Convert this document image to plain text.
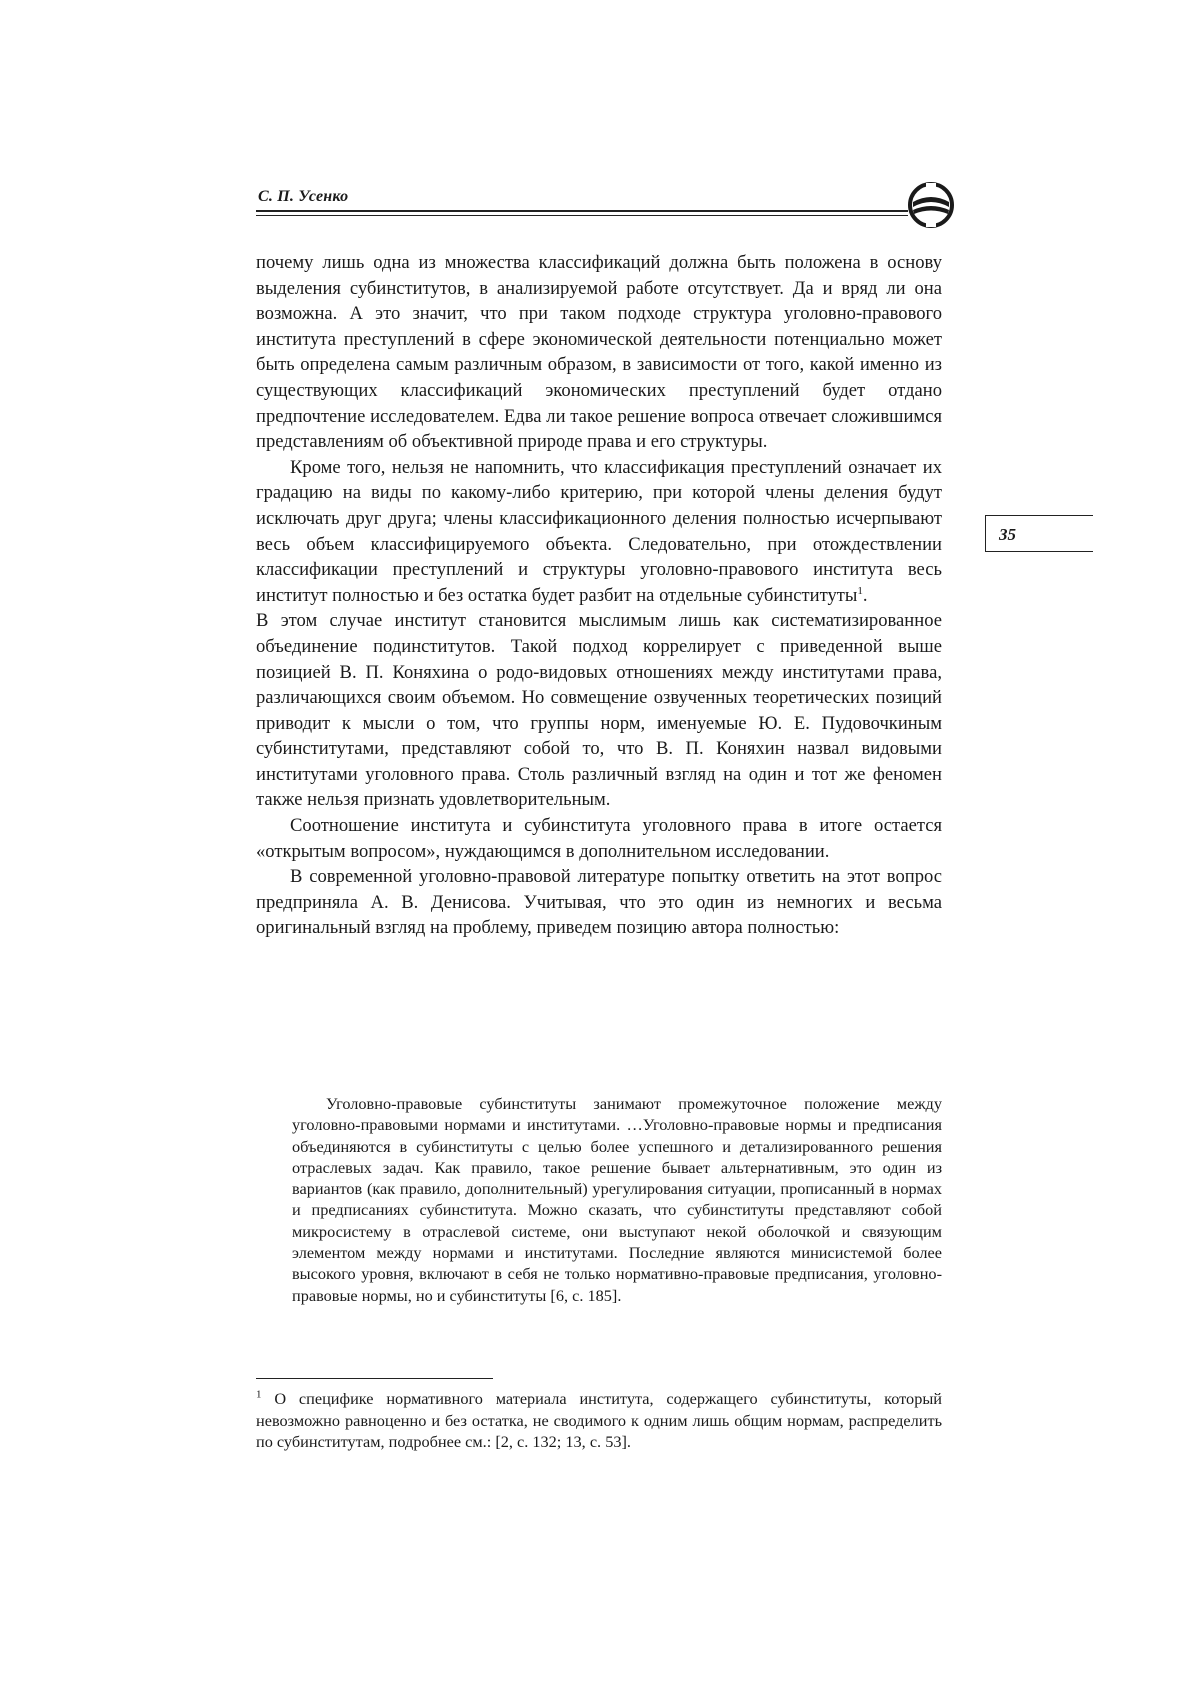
С. П. Усенко
35

почему лишь одна из множества классификаций должна быть положена в основу выделения субинститутов, в анализируемой работе отсутствует. Да и вряд ли она возможна. А это значит, что при таком подходе структура уголовно-правового института преступлений в сфере экономической деятельности потенциально может быть определена самым различным образом, в зависимости от того, какой именно из существующих классификаций экономических преступлений будет отдано предпочтение исследователем. Едва ли такое решение вопроса отвечает сложившимся представлениям об объективной природе права и его структуры.

Кроме того, нельзя не напомнить, что классификация преступлений означает их градацию на виды по какому-либо критерию, при которой члены деления будут исключать друг друга; члены классификационного деления полностью исчерпывают весь объем классифицируемого объекта. Следовательно, при отождествлении классификации преступлений и структуры уголовно-правового института весь институт полностью и без остатка будет разбит на отдельные субинституты$^1$.

В этом случае институт становится мыслимым лишь как систематизированное объединение подинститутов. Такой подход коррелирует с приведенной выше позицией В. П. Коняхина о родо-видовых отношениях между институтами права, различающихся своим объемом. Но совмещение озвученных теоретических позиций приводит к мысли о том, что группы норм, именуемые Ю. Е. Пудовочкиным субинститутами, представляют собой то, что В. П. Коняхин назвал видовыми институтами уголовного права. Столь различный взгляд на один и тот же феномен также нельзя признать удовлетворительным.

Соотношение института и субинститута уголовного права в итоге остается «открытым вопросом», нуждающимся в дополнительном исследовании.

В современной уголовно-правовой литературе попытку ответить на этот вопрос предприняла А. В. Денисова. Учитывая, что это один из немногих и весьма оригинальный взгляд на проблему, приведем позицию автора полностью:

Уголовно-правовые субинституты занимают промежуточное положение между уголовно-правовыми нормами и институтами. …Уголовно-правовые нормы и предписания объединяются в субинституты с целью более успешного и детализированного решения отраслевых задач. Как правило, такое решение бывает альтернативным, это один из вариантов (как правило, дополнительный) урегулирования ситуации, прописанный в нормах и предписаниях субинститута. Можно сказать, что субинституты представляют собой микросистему в отраслевой системе, они выступают некой оболочкой и связующим элементом между нормами и институтами. Последние являются минисистемой более высокого уровня, включают в себя не только нормативно-правовые предписания, уголовно-правовые нормы, но и субинституты [6, с. 185].

$^1$ О специфике нормативного материала института, содержащего субинституты, который невозможно равноценно и без остатка, не сводимого к одним лишь общим нормам, распределить по субинститутам, подробнее см.: [2, с. 132; 13, с. 53].
